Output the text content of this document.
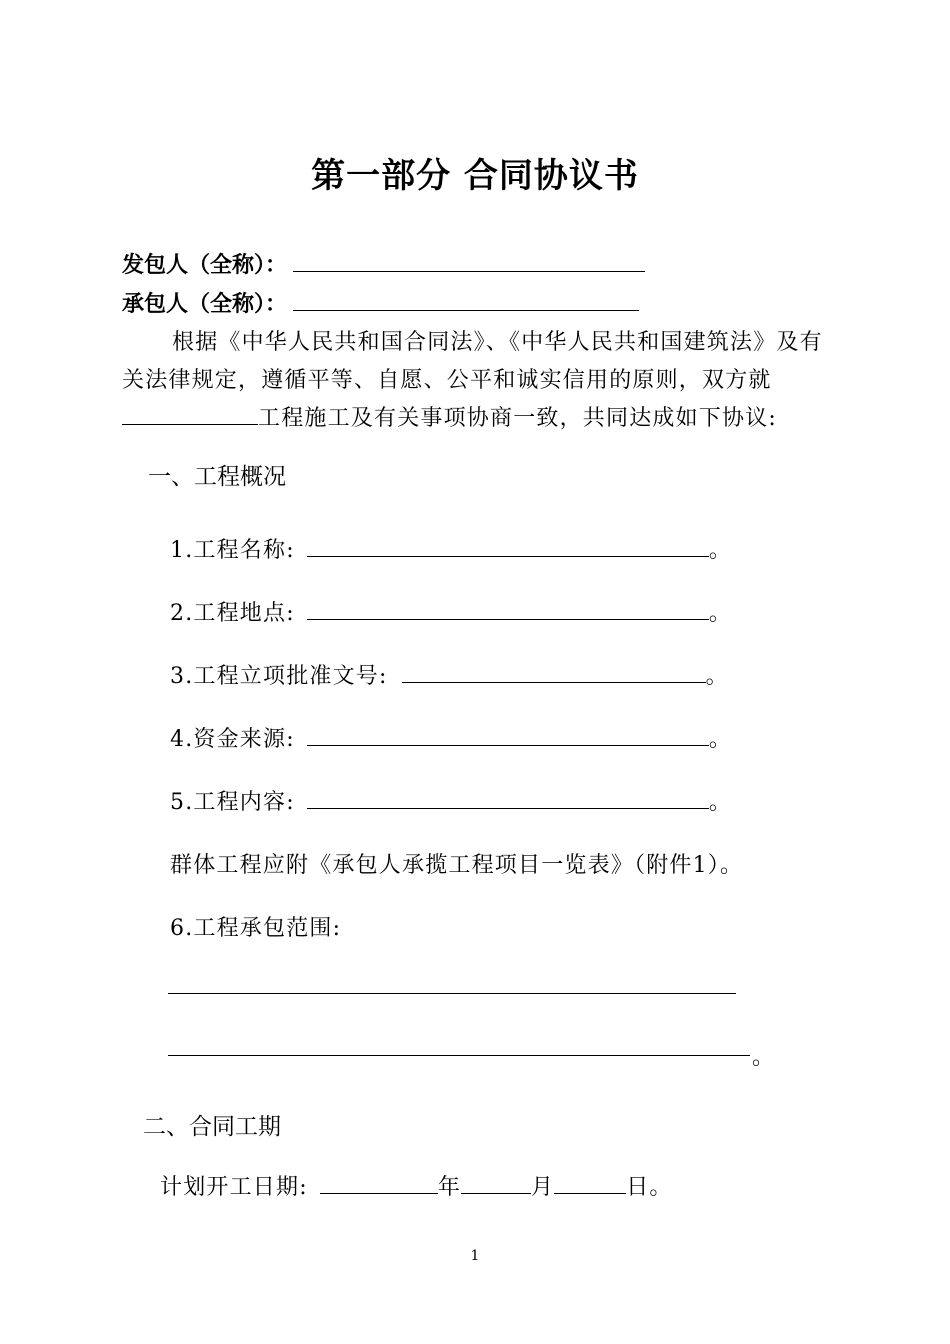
第一部分 合同协议书
发包人（全称）：
承包人（全称）：
根据《中华人民共和国合同法》、《中华人民共和国建筑法》及有
关法律规定，遵循平等、自愿、公平和诚实信用的原则，双方就
工程施工及有关事项协商一致，共同达成如下协议:
一、工程概况
1.工程名称:	。
2.工程地点:	。
3.工程立项批准文号:	。
4.资金来源:	。
5.工程内容:	。
群体工程应附《承包人承揽工程项目一览表》（附件1）。
6.工程承包范围:
。
二、合同工期
计划开工日期:	年	月	日。
1
